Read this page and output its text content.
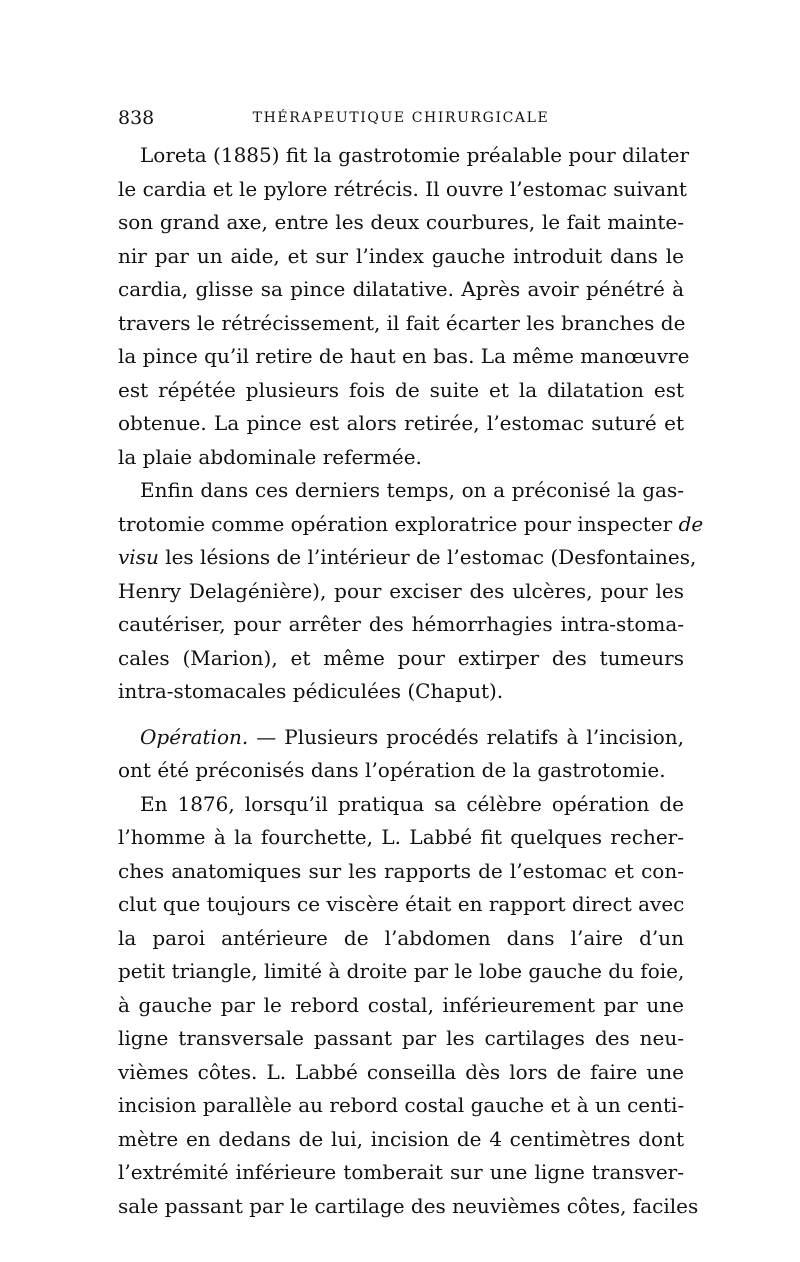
838	THÉRAPEUTIQUE CHIRURGICALE
Loreta (1885) fit la gastrotomie préalable pour dilater
le cardia et le pylore rétrécis. Il ouvre l’estomac suivant
son grand axe, entre les deux courbures, le fait mainte-
nir par un aide, et sur l’index gauche introduit dans le
cardia, glisse sa pince dilatative. Après avoir pénétré à
travers le rétrécissement, il fait écarter les branches de
la pince qu’il retire de haut en bas. La même manœuvre
est répétée plusieurs fois de suite et la dilatation est
obtenue. La pince est alors retirée, l’estomac suturé et
la plaie abdominale refermée.
Enfin dans ces derniers temps, on a préconisé la gas-
trotomie comme opération exploratrice pour inspecter de
visu les lésions de l’intérieur de l’estomac (Desfontaines,
Henry Delagénière), pour exciser des ulcères, pour les
cautériser, pour arrêter des hémorrhagies intra-stoma-
cales (Marion), et même pour extirper des tumeurs
intra-stomacales pédiculées (Chaput).
Opération. — Plusieurs procédés relatifs à l’incision,
ont été préconisés dans l’opération de la gastrotomie.
En 1876, lorsqu’il pratiqua sa célèbre opération de
l’homme à la fourchette, L. Labbé fit quelques recher-
ches anatomiques sur les rapports de l’estomac et con-
clut que toujours ce viscère était en rapport direct avec
la paroi antérieure de l’abdomen dans l’aire d’un
petit triangle, limité à droite par le lobe gauche du foie,
à gauche par le rebord costal, inférieurement par une
ligne transversale passant par les cartilages des neu-
vièmes côtes. L. Labbé conseilla dès lors de faire une
incision parallèle au rebord costal gauche et à un centi-
mètre en dedans de lui, incision de 4 centimètres dont
l’extrémité inférieure tomberait sur une ligne transver-
sale passant par le cartilage des neuvièmes côtes, faciles
